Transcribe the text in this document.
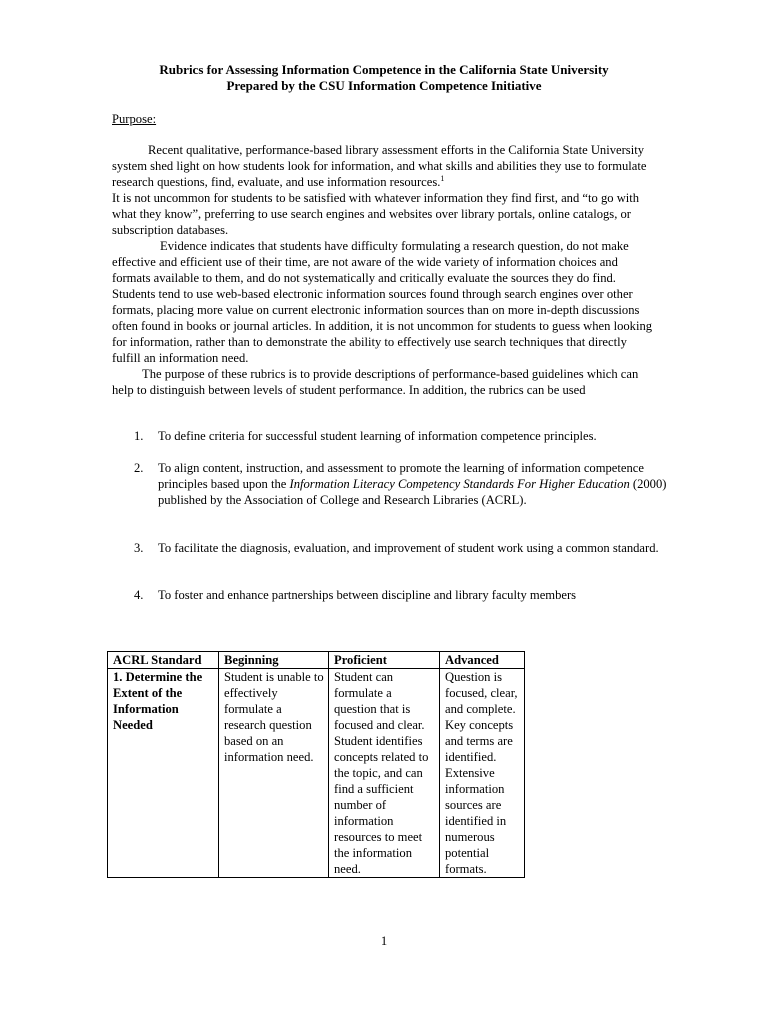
Rubrics for Assessing Information Competence in the California State University
Prepared by the CSU Information Competence Initiative
Purpose:

Recent qualitative, performance-based library assessment efforts in the California State University system shed light on how students look for information, and what skills and abilities they use to formulate research questions, find, evaluate, and use information resources.$^1$

It is not uncommon for students to be satisfied with whatever information they find first, and “to go with what they know”, preferring to use search engines and websites over library portals, online catalogs, or subscription databases.

Evidence indicates that students have difficulty formulating a research question, do not make effective and efficient use of their time, are not aware of the wide variety of information choices and formats available to them, and do not systematically and critically evaluate the sources they do find. Students tend to use web-based electronic information sources found through search engines over other formats, placing more value on current electronic information sources than on more in-depth discussions often found in books or journal articles. In addition, it is not uncommon for students to guess when looking for information, rather than to demonstrate the ability to effectively use search techniques that directly fulfill an information need.

The purpose of these rubrics is to provide descriptions of performance-based guidelines which can help to distinguish between levels of student performance. In addition, the rubrics can be used

1. To define criteria for successful student learning of information competence principles.
2. To align content, instruction, and assessment to promote the learning of information competence principles based upon the Information Literacy Competency Standards For Higher Education (2000) published by the Association of College and Research Libraries (ACRL).
3. To facilitate the diagnosis, evaluation, and improvement of student work using a common standard.
4. To foster and enhance partnerships between discipline and library faculty members
ACRL Standard	Beginning	Proficient	Advanced
1. Determine the Extent of the Information Needed	Student is unable to effectively formulate a research question based on an information need.	Student can formulate a question that is focused and clear. Student identifies concepts related to the topic, and can find a sufficient number of information resources to meet the information need.	Question is focused, clear, and complete. Key concepts and terms are identified. Extensive information sources are identified in numerous potential formats.
1
